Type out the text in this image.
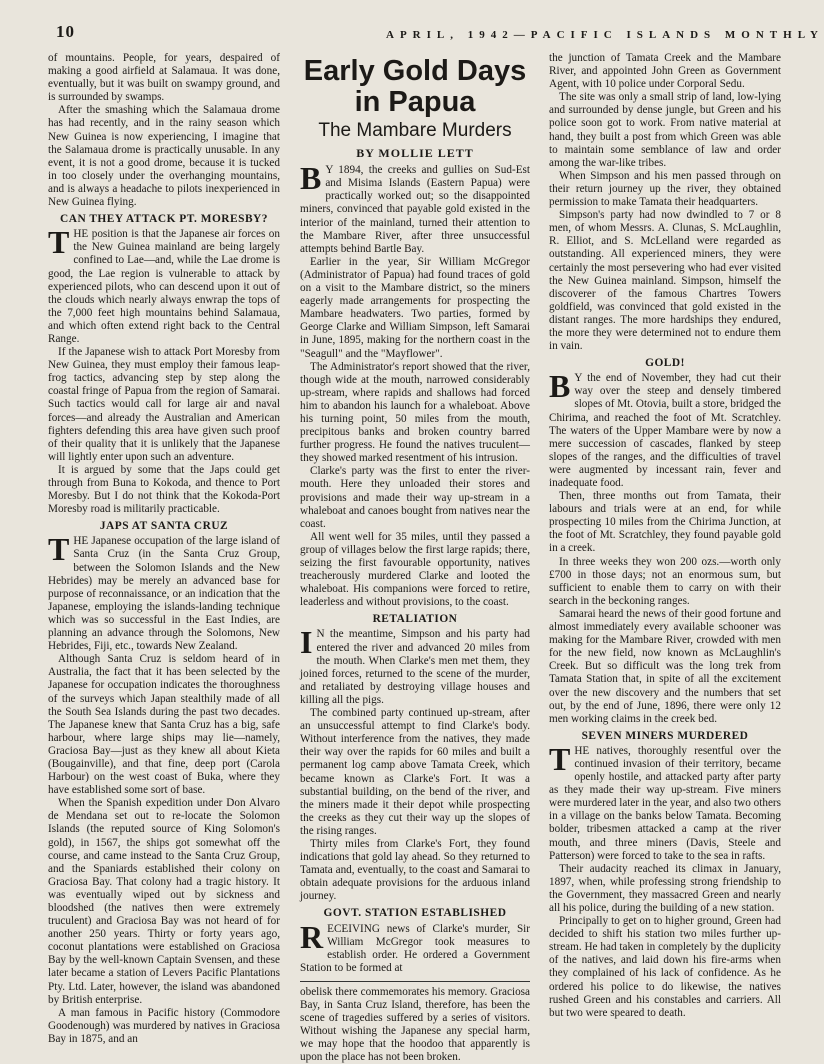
10	APRIL, 1942—PACIFIC ISLANDS MONTHLY

of mountains. People, for years, despaired of making a good airfield at Salamaua. It was done, eventually, but it was built on swampy ground, and is surrounded by swamps.

After the smashing which the Salamaua drome has had recently, and in the rainy season which New Guinea is now experiencing, I imagine that the Salamaua drome is practically unusable. In any event, it is not a good drome, because it is tucked in too closely under the overhanging mountains, and is always a headache to pilots inexperienced in New Guinea flying.

CAN THEY ATTACK PT. MORESBY?

THE position is that the Japanese air forces on the New Guinea mainland are being largely confined to Lae—and, while the Lae drome is good, the Lae region is vulnerable to attack by experienced pilots, who can descend upon it out of the clouds which nearly always enwrap the tops of the 7,000 feet high mountains behind Salamaua, and which often extend right back to the Central Range.

If the Japanese wish to attack Port Moresby from New Guinea, they must employ their famous leap-frog tactics, advancing step by step along the coastal fringe of Papua from the region of Samarai. Such tactics would call for large air and naval forces—and already the Australian and American fighters defending this area have given such proof of their quality that it is unlikely that the Japanese will lightly enter upon such an adventure.

It is argued by some that the Japs could get through from Buna to Kokoda, and thence to Port Moresby. But I do not think that the Kokoda-Port Moresby road is militarily practicable.

JAPS AT SANTA CRUZ

THE Japanese occupation of the large island of Santa Cruz (in the Santa Cruz Group, between the Solomon Islands and the New Hebrides) may be merely an advanced base for purpose of reconnaissance, or an indication that the Japanese, employing the islands-landing technique which was so successful in the East Indies, are planning an advance through the Solomons, New Hebrides, Fiji, etc., towards New Zealand.

Although Santa Cruz is seldom heard of in Australia, the fact that it has been selected by the Japanese for occupation indicates the thoroughness of the surveys which Japan stealthily made of all the South Sea Islands during the past two decades. The Japanese knew that Santa Cruz has a big, safe harbour, where large ships may lie—namely, Graciosa Bay—just as they knew all about Kieta (Bougainville), and that fine, deep port (Carola Harbour) on the west coast of Buka, where they have established some sort of base.

When the Spanish expedition under Don Alvaro de Mendana set out to re-locate the Solomon Islands (the reputed source of King Solomon's gold), in 1567, the ships got somewhat off the course, and came instead to the Santa Cruz Group, and the Spaniards established their colony on Graciosa Bay. That colony had a tragic history. It was eventually wiped out by sickness and bloodshed (the natives then were extremely truculent) and Graciosa Bay was not heard of for another 250 years. Thirty or forty years ago, coconut plantations were established on Graciosa Bay by the well-known Captain Svensen, and these later became a station of Levers Pacific Plantations Pty. Ltd. Later, however, the island was abandoned by British enterprise.

A man famous in Pacific history (Commodore Goodenough) was murdered by natives in Graciosa Bay in 1875, and an

Early Gold Days in Papua
The Mambare Murders
BY MOLLIE LETT

B Y 1894, the creeks and gullies on Sud-Est and Misima Islands (Eastern Papua) were practically worked out; so the disappointed miners, convinced that payable gold existed in the interior of the mainland, turned their attention to the Mambare River, after three unsuccessful attempts behind Bartle Bay.

Earlier in the year, Sir William McGregor (Administrator of Papua) had found traces of gold on a visit to the Mambare district, so the miners eagerly made arrangements for prospecting the Mambare headwaters. Two parties, formed by George Clarke and William Simpson, left Samarai in June, 1895, making for the northern coast in the "Seagull" and the "Mayflower".

The Administrator's report showed that the river, though wide at the mouth, narrowed considerably up-stream, where rapids and shallows had forced him to abandon his launch for a whaleboat. Above his turning point, 50 miles from the mouth, precipitous banks and broken country barred further progress. He found the natives truculent—they showed marked resentment of his intrusion.

Clarke's party was the first to enter the river-mouth. Here they unloaded their stores and provisions and made their way up-stream in a whaleboat and canoes bought from natives near the coast.

All went well for 35 miles, until they passed a group of villages below the first large rapids; there, seizing the first favourable opportunity, natives treacherously murdered Clarke and looted the whaleboat. His companions were forced to retire, leaderless and without provisions, to the coast.

RETALIATION

I N the meantime, Simpson and his party had entered the river and advanced 20 miles from the mouth. When Clarke's men met them, they joined forces, returned to the scene of the murder, and retaliated by destroying village houses and killing all the pigs.

The combined party continued up-stream, after an unsuccessful attempt to find Clarke's body. Without interference from the natives, they made their way over the rapids for 60 miles and built a permanent log camp above Tamata Creek, which became known as Clarke's Fort. It was a substantial building, on the bend of the river, and the miners made it their depot while prospecting the creeks as they cut their way up the slopes of the rising ranges.

Thirty miles from Clarke's Fort, they found indications that gold lay ahead. So they returned to Tamata and, eventually, to the coast and Samarai to obtain adequate provisions for the arduous inland journey.

GOVT. STATION ESTABLISHED

RECEIVING news of Clarke's murder, Sir William McGregor took measures to establish order. He ordered a Government Station to be formed at

obelisk there commemorates his memory. Graciosa Bay, in Santa Cruz Island, therefore, has been the scene of tragedies suffered by a series of visitors. Without wishing the Japanese any special harm, we may hope that the hoodoo that apparently is upon the place has not been broken.

the junction of Tamata Creek and the Mambare River, and appointed John Green as Government Agent, with 10 police under Corporal Sedu.

The site was only a small strip of land, low-lying and surrounded by dense jungle, but Green and his police soon got to work. From native material at hand, they built a post from which Green was able to maintain some semblance of law and order among the war-like tribes.

When Simpson and his men passed through on their return journey up the river, they obtained permission to make Tamata their headquarters.

Simpson's party had now dwindled to 7 or 8 men, of whom Messrs. A. Clunas, S. McLaughlin, R. Elliot, and S. McLelland were regarded as outstanding. All experienced miners, they were certainly the most persevering who had ever visited the New Guinea mainland. Simpson, himself the discoverer of the famous Chartres Towers goldfield, was convinced that gold existed in the distant ranges. The more hardships they endured, the more they were determined not to endure them in vain.

GOLD!

B Y the end of November, they had cut their way over the steep and densely timbered slopes of Mt. Otovia, built a store, bridged the Chirima, and reached the foot of Mt. Scratchley. The waters of the Upper Mambare were by now a mere succession of cascades, flanked by steep slopes of the ranges, and the difficulties of travel were augmented by incessant rain, fever and inadequate food.

Then, three months out from Tamata, their labours and trials were at an end, for while prospecting 10 miles from the Chirima Junction, at the foot of Mt. Scratchley, they found payable gold in a creek.

In three weeks they won 200 ozs.—worth only £700 in those days; not an enormous sum, but sufficient to enable them to carry on with their search in the beckoning ranges.

Samarai heard the news of their good fortune and almost immediately every available schooner was making for the Mambare River, crowded with men for the new field, now known as McLaughlin's Creek. But so difficult was the long trek from Tamata Station that, in spite of all the excitement over the new discovery and the numbers that set out, by the end of June, 1896, there were only 12 men working claims in the creek bed.

SEVEN MINERS MURDERED

THE natives, thoroughly resentful over the continued invasion of their territory, became openly hostile, and attacked party after party as they made their way up-stream. Five miners were murdered later in the year, and also two others in a village on the banks below Tamata. Becoming bolder, tribesmen attacked a camp at the river mouth, and three miners (Davis, Steele and Patterson) were forced to take to the sea in rafts.

Their audacity reached its climax in January, 1897, when, while professing strong friendship to the Government, they massacred Green and nearly all his police, during the building of a new station.

Principally to get on to higher ground, Green had decided to shift his station two miles further up-stream. He had taken in completely by the duplicity of the natives, and laid down his fire-arms when they complained of his lack of confidence. As he ordered his police to do likewise, the natives rushed Green and his constables and carriers. All but two were speared to death.
